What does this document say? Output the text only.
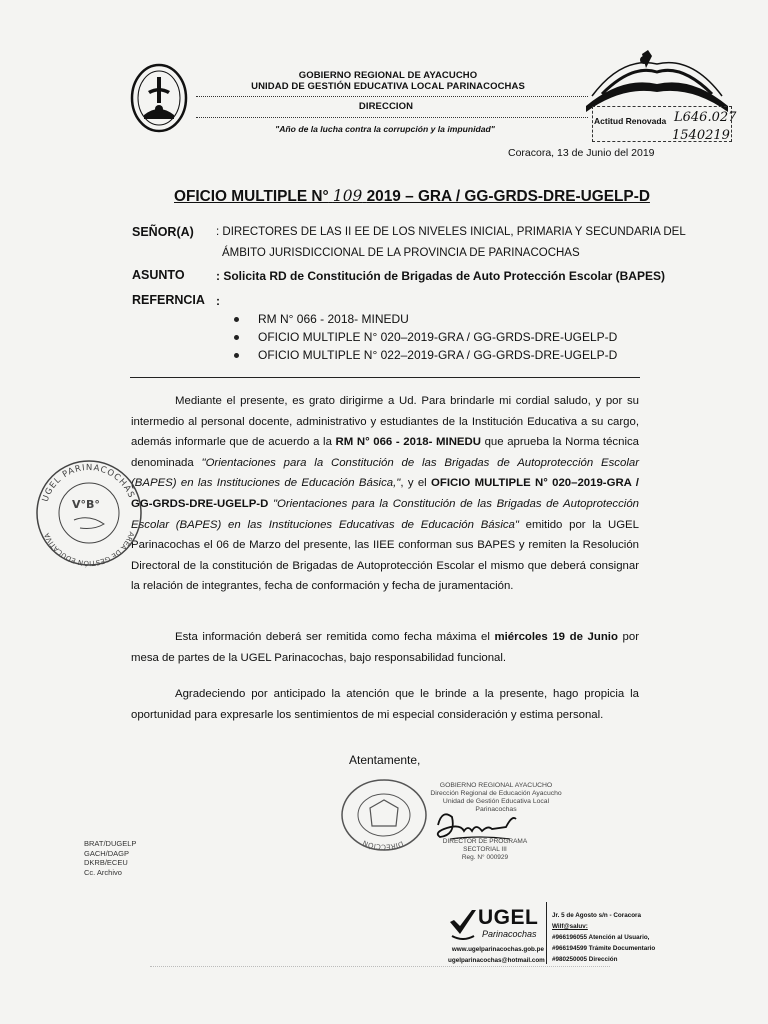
GOBIERNO REGIONAL DE AYACUCHO
UNIDAD DE GESTIÓN EDUCATIVA LOCAL PARINACOCHAS
DIRECCION
"Año de la lucha contra la corrupción y la impunidad"
Actitud Renovada L646.027
1540219
Coracora, 13 de Junio del 2019
OFICIO MULTIPLE N° 109 2019 – GRA / GG-GRDS-DRE-UGELP-D
SEÑOR(A) : DIRECTORES DE LAS II EE DE LOS NIVELES INICIAL, PRIMARIA Y SECUNDARIA DEL
ÁMBITO JURISDICCIONAL DE LA PROVINCIA DE PARINACOCHAS
ASUNTO	: Solicita RD de Constitución de Brigadas de Auto Protección Escolar (BAPES)
REFERNCIA :
RM N° 066 - 2018- MINEDU
OFICIO MULTIPLE N° 020–2019-GRA / GG-GRDS-DRE-UGELP-D
OFICIO MULTIPLE N° 022–2019-GRA / GG-GRDS-DRE-UGELP-D
Mediante el presente, es grato dirigirme a Ud. Para brindarle mi cordial saludo, y por su intermedio al personal docente, administrativo y estudiantes de la Institución Educativa a su cargo, además informarle que de acuerdo a la RM N° 066 - 2018- MINEDU que aprueba la Norma técnica denominada "Orientaciones para la Constitución de las Brigadas de Autoprotección Escolar (BAPES) en las Instituciones de Educación Básica,", y el OFICIO MULTIPLE N° 020–2019-GRA / GG-GRDS-DRE-UGELP-D "Orientaciones para la Constitución de las Brigadas de Autoprotección Escolar (BAPES) en las Instituciones Educativas de Educación Básica" emitido por la UGEL Parinacochas el 06 de Marzo del presente, las IIEE conforman sus BAPES y remiten la Resolución Directoral de la constitución de Brigadas de Autoprotección Escolar el mismo que deberá consignar la relación de integrantes, fecha de conformación y fecha de juramentación.
Esta información deberá ser remitida como fecha máxima el miércoles 19 de Junio por mesa de partes de la UGEL Parinacochas, bajo responsabilidad funcional.
Agradeciendo por anticipado la atención que le brinde a la presente, hago propicia la oportunidad para expresarle los sentimientos de mi especial consideración y estima personal.
Atentamente,
UGEL PARINACOCHAS
AREA DE GESTIÓN EDUCATIVA
V°B°
DIRECCIÓN
GOBIERNO REGIONAL AYACUCHO
Dirección Regional de Educación Ayacucho
Unidad de Gestión Educativa Local
Parinacochas
DIRECTOR DE PROGRAMA SECTORIAL III
Reg. N° 000929
BRAT/DUGELP
GACH/DAGP
DKRB/ECEU
Cc. Archivo
UGEL
Parinacochas
www.ugelparinacochas.gob.pe
ugelparinacochas@hotmail.com
Jr. 5 de Agosto s/n - Coracora
Wilf@saluv:
#966196055 Atención al Usuario,
#966194599 Trámite Documentario
#980250005 Dirección
